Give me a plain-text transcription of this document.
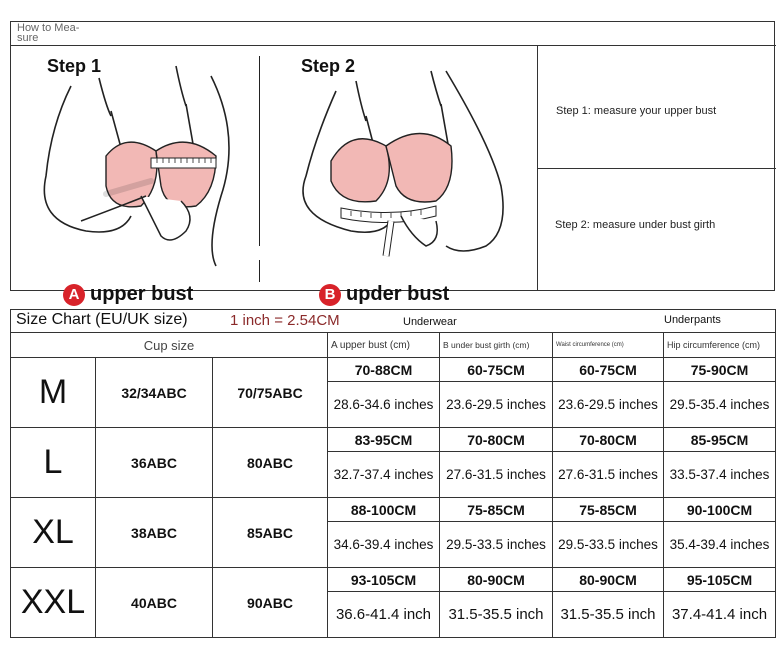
How to Mea-sure
Step 1
A upper bust
Step 2
B upder bust
Step 1: measure your upper bust
Step 2: measure under bust girth
Size Chart (EU/UK size) 1 inch = 2.54CM Underwear Underpants						

Cup size			A upper bust (cm)	B under bust girth (cm)	Waist circumference (cm)	Hip circumference (cm)
M	32/34ABC	70/75ABC	70-88CM	60-75CM	60-75CM	75-90CM
			28.6-34.6 inches	23.6-29.5 inches	23.6-29.5 inches	29.5-35.4 inches
L	36ABC	80ABC	83-95CM	70-80CM	70-80CM	85-95CM
			32.7-37.4 inches	27.6-31.5 inches	27.6-31.5 inches	33.5-37.4 inches
XL	38ABC	85ABC	88-100CM	75-85CM	75-85CM	90-100CM
			34.6-39.4 inches	29.5-33.5 inches	29.5-33.5 inches	35.4-39.4 inches
XXL	40ABC	90ABC	93-105CM	80-90CM	80-90CM	95-105CM
			36.6-41.4 inch	31.5-35.5 inch	31.5-35.5 inch	37.4-41.4 inch
